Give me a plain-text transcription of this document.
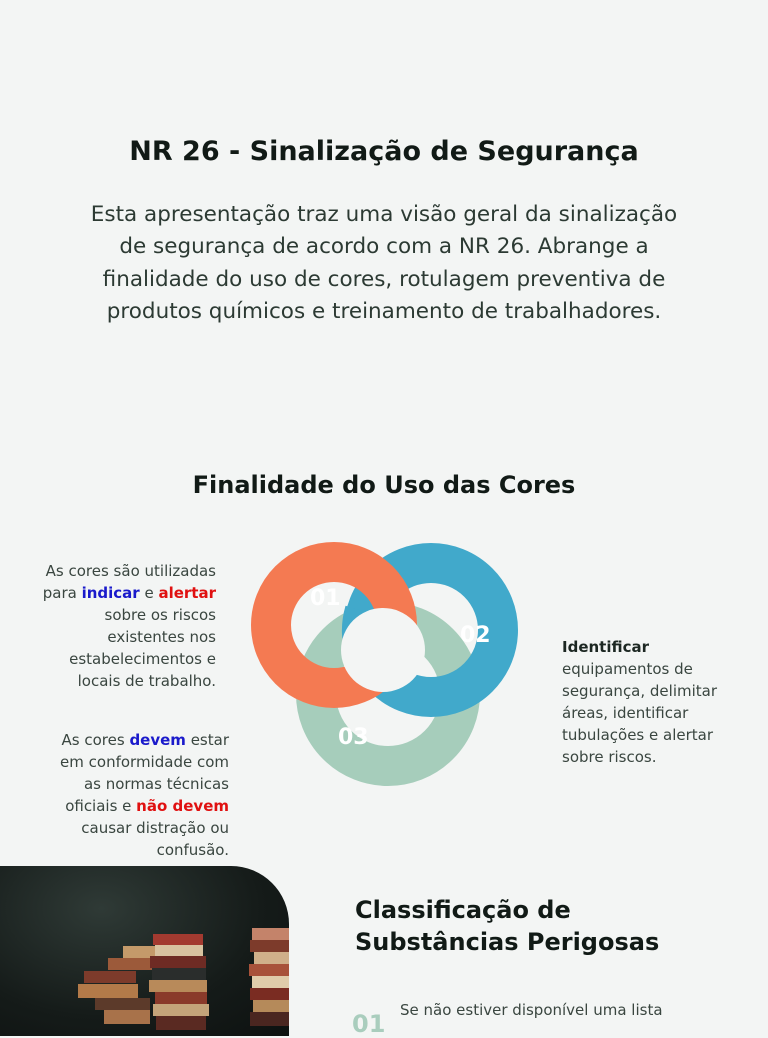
NR 26 - Sinalização de Segurança
Esta apresentação traz uma visão geral da sinalização de segurança de acordo com a NR 26. Abrange a finalidade do uso de cores, rotulagem preventiva de produtos químicos e treinamento de trabalhadores.
Finalidade do Uso das Cores
As cores são utilizadas para indicar e alertar sobre os riscos existentes nos estabelecimentos e locais de trabalho.
As cores devem estar em conformidade com as normas técnicas oficiais e não devem causar distração ou confusão.
01
02
03
Identificar equipamentos de segurança, delimitar áreas, identificar tubulações e alertar sobre riscos.
Classificação de Substâncias Perigosas
01 Se não estiver disponível uma lista
